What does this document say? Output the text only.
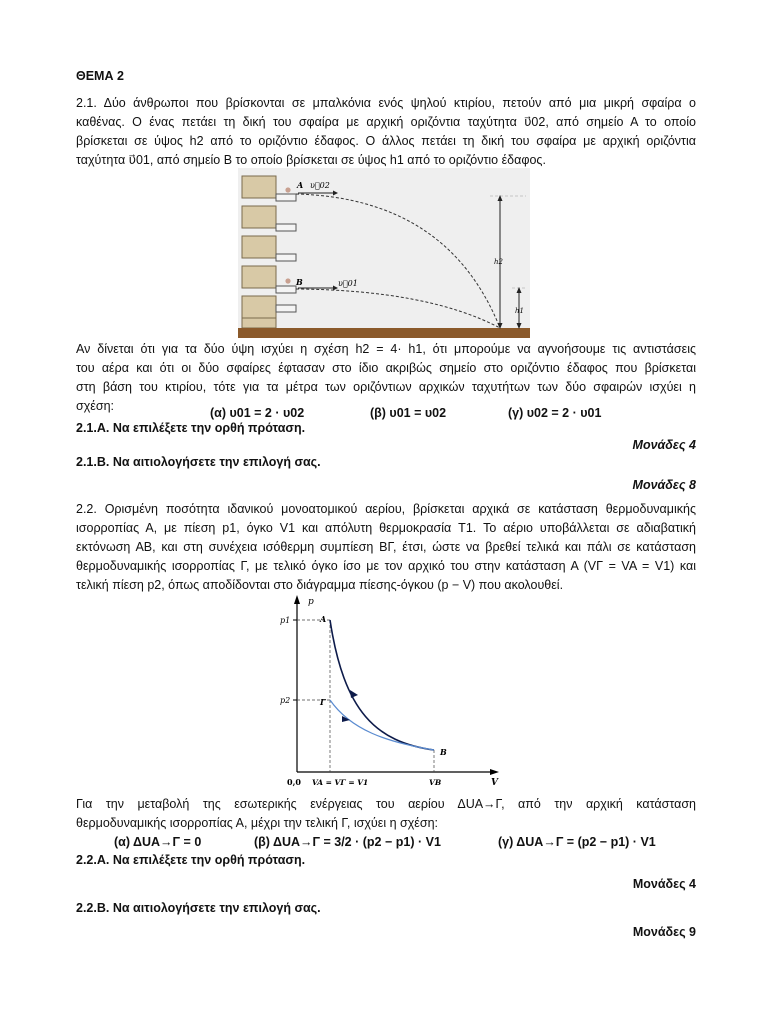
ΘΕΜΑ 2
2.1. Δύο άνθρωποι που βρίσκονται σε μπαλκόνια ενός ψηλού κτιρίου, πετούν από μια μικρή σφαίρα ο
καθένας. Ο ένας πετάει τη δική του σφαίρα με αρχική οριζόντια ταχύτητα υ⃗02, από σημείο Α το οποίο
βρίσκεται σε ύψος h2 από το οριζόντιο έδαφος. Ο άλλος πετάει τη δική του σφαίρα με αρχική οριζόντια
ταχύτητα υ⃗01, από σημείο Β το οποίο βρίσκεται σε ύψος h1 από το οριζόντιο έδαφος.
υ⃗02
υ⃗01
A
B
h2
h1
Αν δίνεται ότι για τα δύο ύψη ισχύει η σχέση h2 = 4· h1, ότι μπορούμε να αγνοήσουμε τις αντιστάσεις
του αέρα και ότι οι δύο σφαίρες έφτασαν στο ίδιο ακριβώς σημείο στο οριζόντιο έδαφος που βρίσκεται
στη βάση του κτιρίου, τότε για τα μέτρα των οριζόντιων αρχικών ταχυτήτων των δύο σφαιρών ισχύει η
σχέση:	(α) υ01 = 2 · υ02	(β) υ01 = υ02	(γ) υ02 = 2 · υ01
2.1.Α. Να επιλέξετε την ορθή πρόταση.
Μονάδες 4
2.1.Β. Να αιτιολογήσετε την επιλογή σας.
Μονάδες 8
2.2. Ορισμένη ποσότητα ιδανικού μονοατομικού αερίου, βρίσκεται αρχικά σε κατάσταση θερμοδυναμικής
ισορροπίας Α, με πίεση p1, όγκο V1 και απόλυτη θερμοκρασία T1. Το αέριο υποβάλλεται σε αδιαβατική
εκτόνωση ΑΒ, και στη συνέχεια ισόθερμη συμπίεση ΒΓ, έτσι, ώστε να βρεθεί τελικά και πάλι σε κατάσταση
θερμοδυναμικής ισορροπίας Γ, με τελικό όγκο ίσο με τον αρχικό του στην κατάσταση Α (VΓ = VA = V1) και
τελική πίεση p2, όπως αποδίδονται στο διάγραμμα πίεσης-όγκου (p − V) που ακολουθεί.
p
V
0,0
p1
p2
A
Γ
B
VA = VΓ = V1	VB
Για την μεταβολή της εσωτερικής ενέργειας του αερίου ΔUΑ→Γ, από την αρχική κατάσταση
θερμοδυναμικής ισορροπίας Α, μέχρι την τελική Γ, ισχύει η σχέση:
(α) ΔUΑ→Γ = 0	(β) ΔUΑ→Γ = 3/2 · (p2 − p1) · V1	(γ) ΔUΑ→Γ = (p2 − p1) · V1
2.2.Α. Να επιλέξετε την ορθή πρόταση.
Μονάδες 4
2.2.Β. Να αιτιολογήσετε την επιλογή σας.
Μονάδες 9
